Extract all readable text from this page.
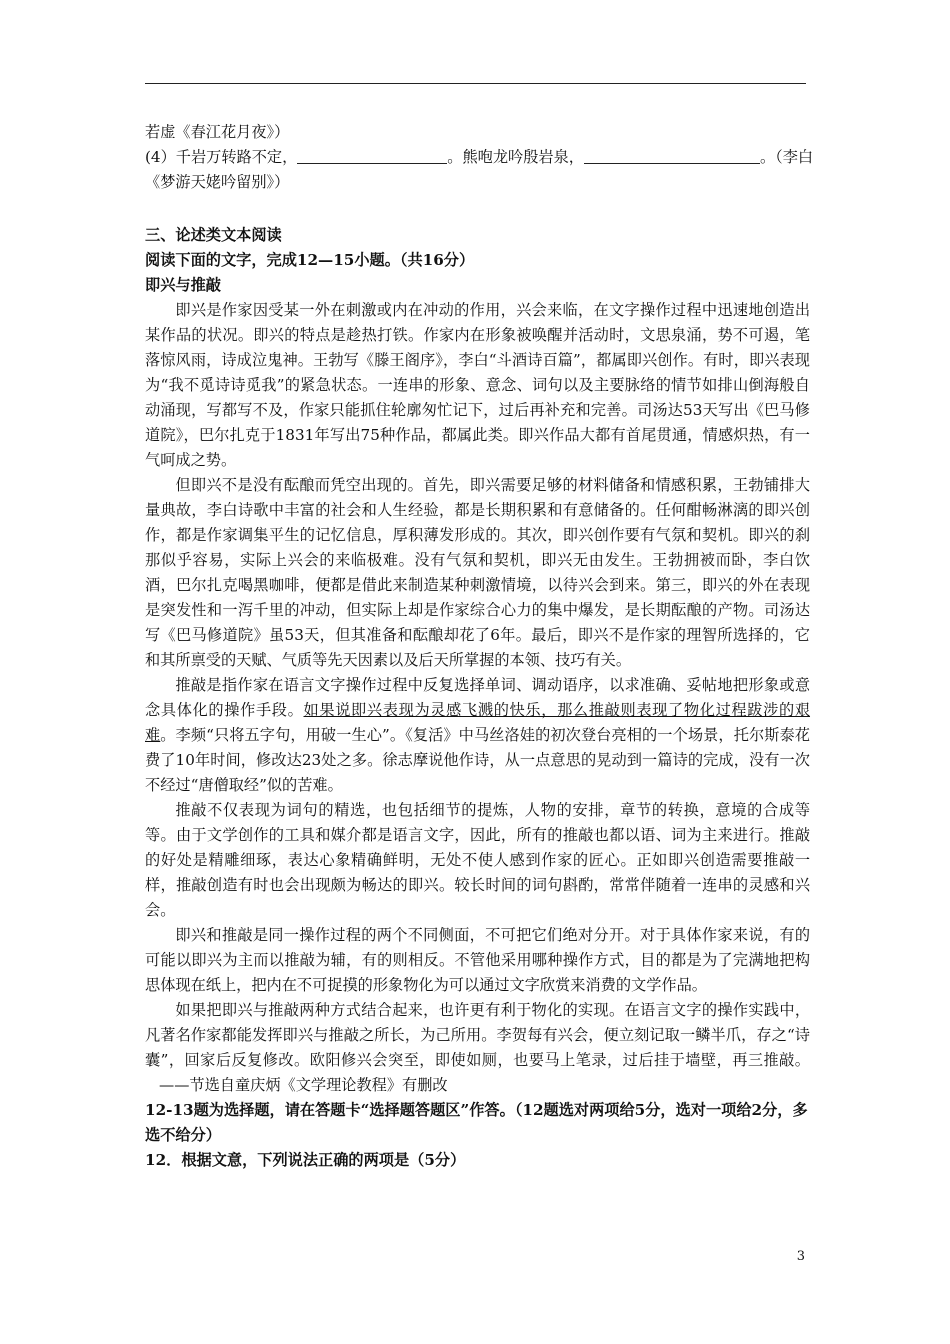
若虚《春江花月夜》）
(4）千岩万转路不定，	。熊咆龙吟殷岩泉，	。（李白
《梦游天姥吟留别》）
三、论述类文本阅读
阅读下面的文字，完成12—15小题。（共16分）
即兴与推敲

即兴是作家因受某一外在刺激或内在冲动的作用，兴会来临，在文字操作过程中迅速地创造出某作品的状况。即兴的特点是趁热打铁。作家内在形象被唤醒并活动时，文思泉涌，势不可遏，笔落惊风雨，诗成泣鬼神。王勃写《滕王阁序》，李白“斗酒诗百篇”，都属即兴创作。有时，即兴表现为“我不觅诗诗觅我”的紧急状态。一连串的形象、意念、词句以及主要脉络的情节如排山倒海般自动涌现，写都写不及，作家只能抓住轮廓匆忙记下，过后再补充和完善。司汤达53天写出《巴马修道院》，巴尔扎克于1831年写出75种作品，都属此类。即兴作品大都有首尾贯通，情感炽热，有一气呵成之势。

但即兴不是没有酝酿而凭空出现的。首先，即兴需要足够的材料储备和情感积累，王勃铺排大量典故，李白诗歌中丰富的社会和人生经验，都是长期积累和有意储备的。任何酣畅淋漓的即兴创作，都是作家调集平生的记忆信息，厚积薄发形成的。其次，即兴创作要有气氛和契机。即兴的刹那似乎容易，实际上兴会的来临极难。没有气氛和契机，即兴无由发生。王勃拥被而卧，李白饮酒，巴尔扎克喝黑咖啡，便都是借此来制造某种刺激情境，以待兴会到来。第三，即兴的外在表现是突发性和一泻千里的冲动，但实际上却是作家综合心力的集中爆发，是长期酝酿的产物。司汤达写《巴马修道院》虽53天，但其准备和酝酿却花了6年。最后，即兴不是作家的理智所选择的，它和其所禀受的天赋、气质等先天因素以及后天所掌握的本领、技巧有关。

推敲是指作家在语言文字操作过程中反复选择单词、调动语序，以求准确、妥帖地把形象或意念具体化的操作手段。如果说即兴表现为灵感飞溅的快乐，那么推敲则表现了物化过程跋涉的艰难。李频“只将五字句，用破一生心”。《复活》中马丝洛娃的初次登台亮相的一个场景，托尔斯泰花费了10年时间，修改达23处之多。徐志摩说他作诗，从一点意思的晃动到一篇诗的完成，没有一次不经过“唐僧取经”似的苦难。

推敲不仅表现为词句的精选，也包括细节的提炼，人物的安排，章节的转换，意境的合成等等。由于文学创作的工具和媒介都是语言文字，因此，所有的推敲也都以语、词为主来进行。推敲的好处是精雕细琢，表达心象精确鲜明，无处不使人感到作家的匠心。正如即兴创造需要推敲一样，推敲创造有时也会出现颇为畅达的即兴。较长时间的词句斟酌，常常伴随着一连串的灵感和兴会。

即兴和推敲是同一操作过程的两个不同侧面，不可把它们绝对分开。对于具体作家来说，有的可能以即兴为主而以推敲为辅，有的则相反。不管他采用哪种操作方式，目的都是为了完满地把构思体现在纸上，把内在不可捉摸的形象物化为可以通过文字欣赏来消费的文学作品。

如果把即兴与推敲两种方式结合起来，也许更有利于物化的实现。在语言文字的操作实践中，凡著名作家都能发挥即兴与推敲之所长，为己所用。李贺每有兴会，便立刻记取一鳞半爪，存之“诗囊”，回家后反复修改。欧阳修兴会突至，即使如厕，也要马上笔录，过后挂于墙壁，再三推敲。——节选自童庆炳《文学理论教程》有删改

12-13题为选择题，请在答题卡“选择题答题区”作答。（12题选对两项给5分，选对一项给2分，多选不给分）
12．根据文意，下列说法正确的两项是（5分）
3
